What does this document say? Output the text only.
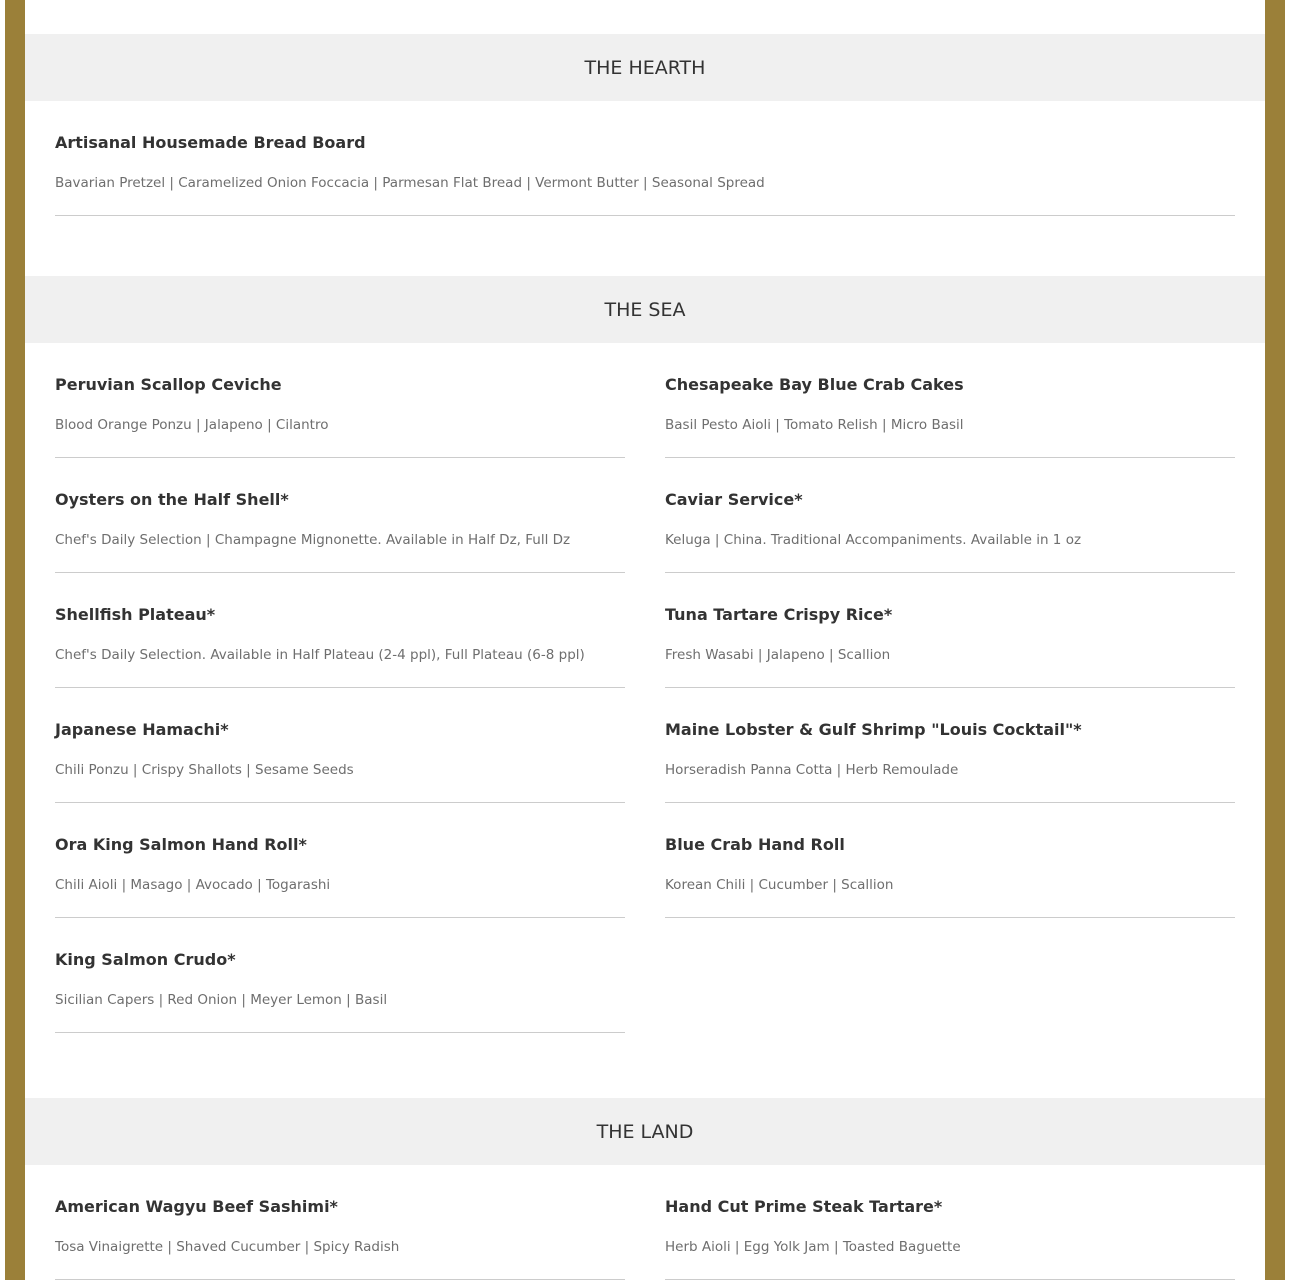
THE HEARTH
Artisanal Housemade Bread Board
Bavarian Pretzel | Caramelized Onion Foccacia | Parmesan Flat Bread | Vermont Butter | Seasonal Spread
THE SEA
Peruvian Scallop Ceviche
Blood Orange Ponzu | Jalapeno | Cilantro
Chesapeake Bay Blue Crab Cakes
Basil Pesto Aioli | Tomato Relish | Micro Basil
Oysters on the Half Shell*
Chef's Daily Selection | Champagne Mignonette. Available in Half Dz, Full Dz
Caviar Service*
Keluga | China. Traditional Accompaniments. Available in 1 oz
Shellfish Plateau*
Chef's Daily Selection. Available in Half Plateau (2-4 ppl), Full Plateau (6-8 ppl)
Tuna Tartare Crispy Rice*
Fresh Wasabi | Jalapeno | Scallion
Japanese Hamachi*
Chili Ponzu | Crispy Shallots | Sesame Seeds
Maine Lobster & Gulf Shrimp "Louis Cocktail"*
Horseradish Panna Cotta | Herb Remoulade
Ora King Salmon Hand Roll*
Chili Aioli | Masago | Avocado | Togarashi
Blue Crab Hand Roll
Korean Chili | Cucumber | Scallion
King Salmon Crudo*
Sicilian Capers | Red Onion | Meyer Lemon | Basil
THE LAND
American Wagyu Beef Sashimi*
Tosa Vinaigrette | Shaved Cucumber | Spicy Radish
Hand Cut Prime Steak Tartare*
Herb Aioli | Egg Yolk Jam | Toasted Baguette
